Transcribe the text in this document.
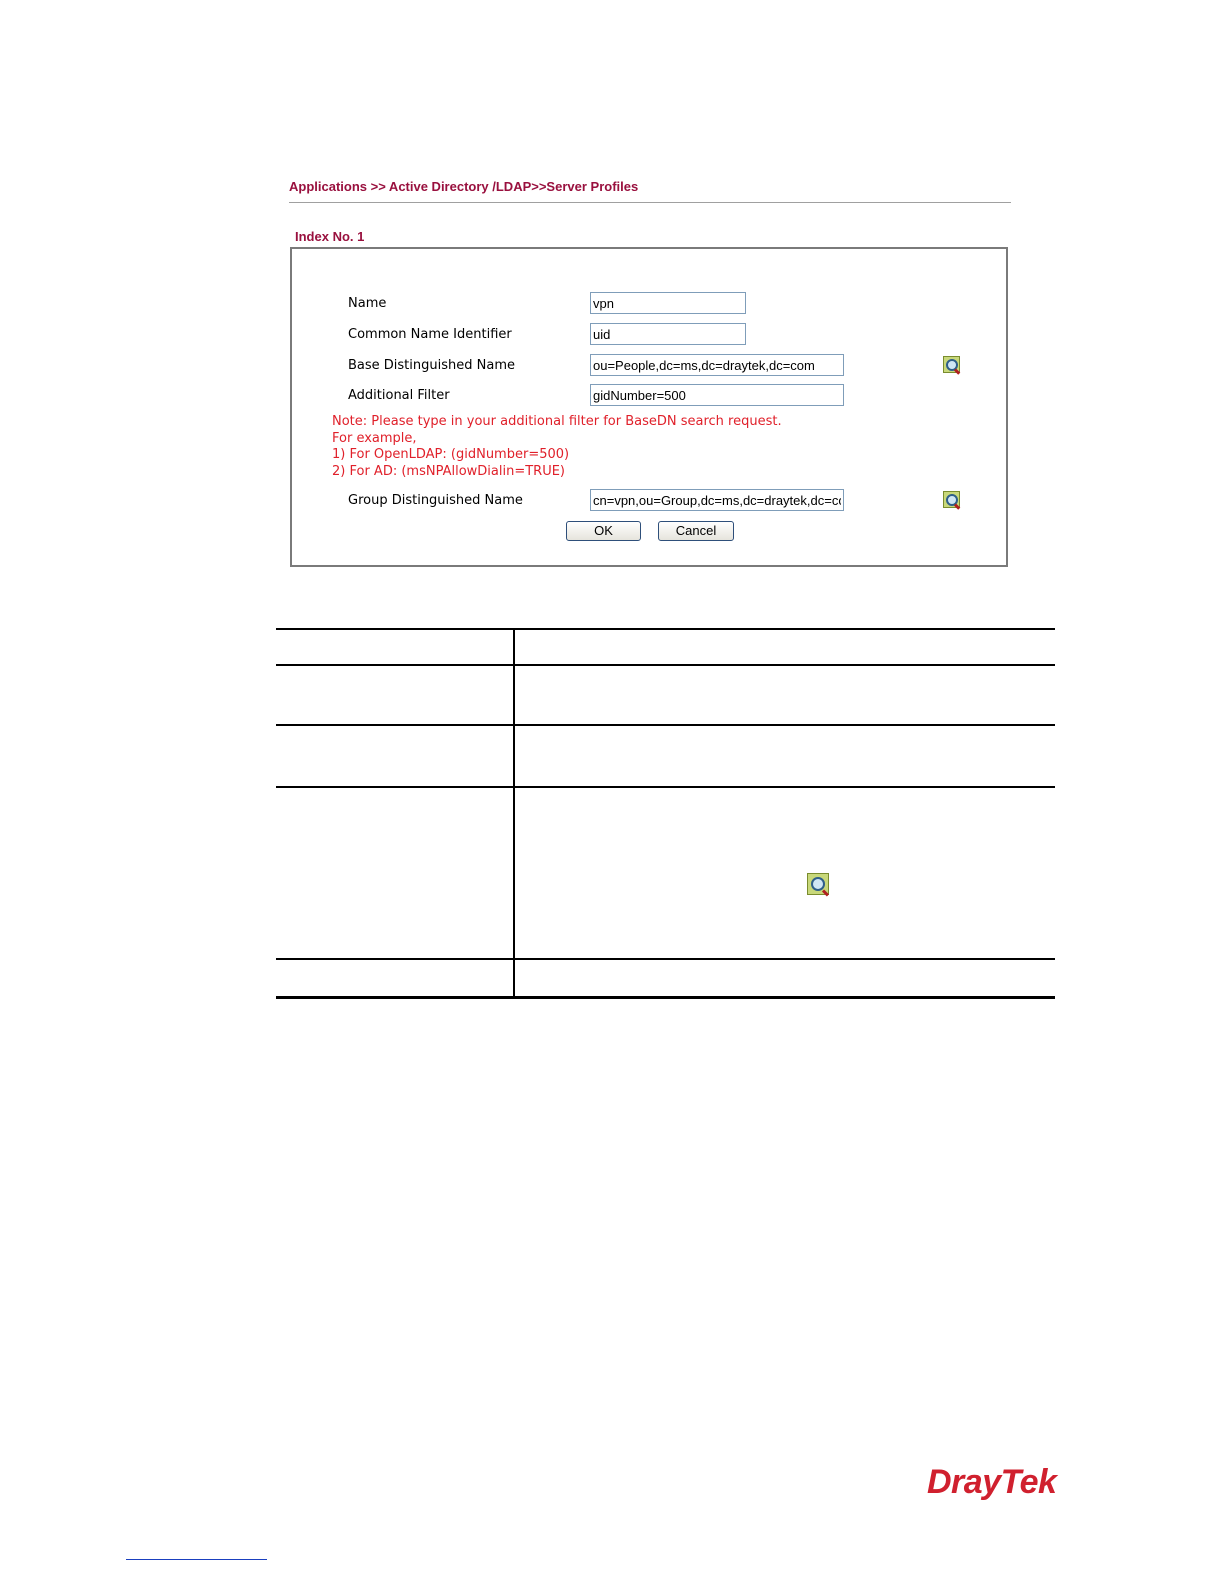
Applications >> Active Directory /LDAP>>Server Profiles
Index No. 1
Name
vpn
Common Name Identifier
uid
Base Distinguished Name
ou=People,dc=ms,dc=draytek,dc=com
Additional Filter
gidNumber=500
Note: Please type in your additional filter for BaseDN search request.
For example,
1) For OpenLDAP: (gidNumber=500)
2) For AD: (msNPAllowDialin=TRUE)
Group Distinguished Name
cn=vpn,ou=Group,dc=ms,dc=draytek,dc=com
OK	Cancel
DrayTek
